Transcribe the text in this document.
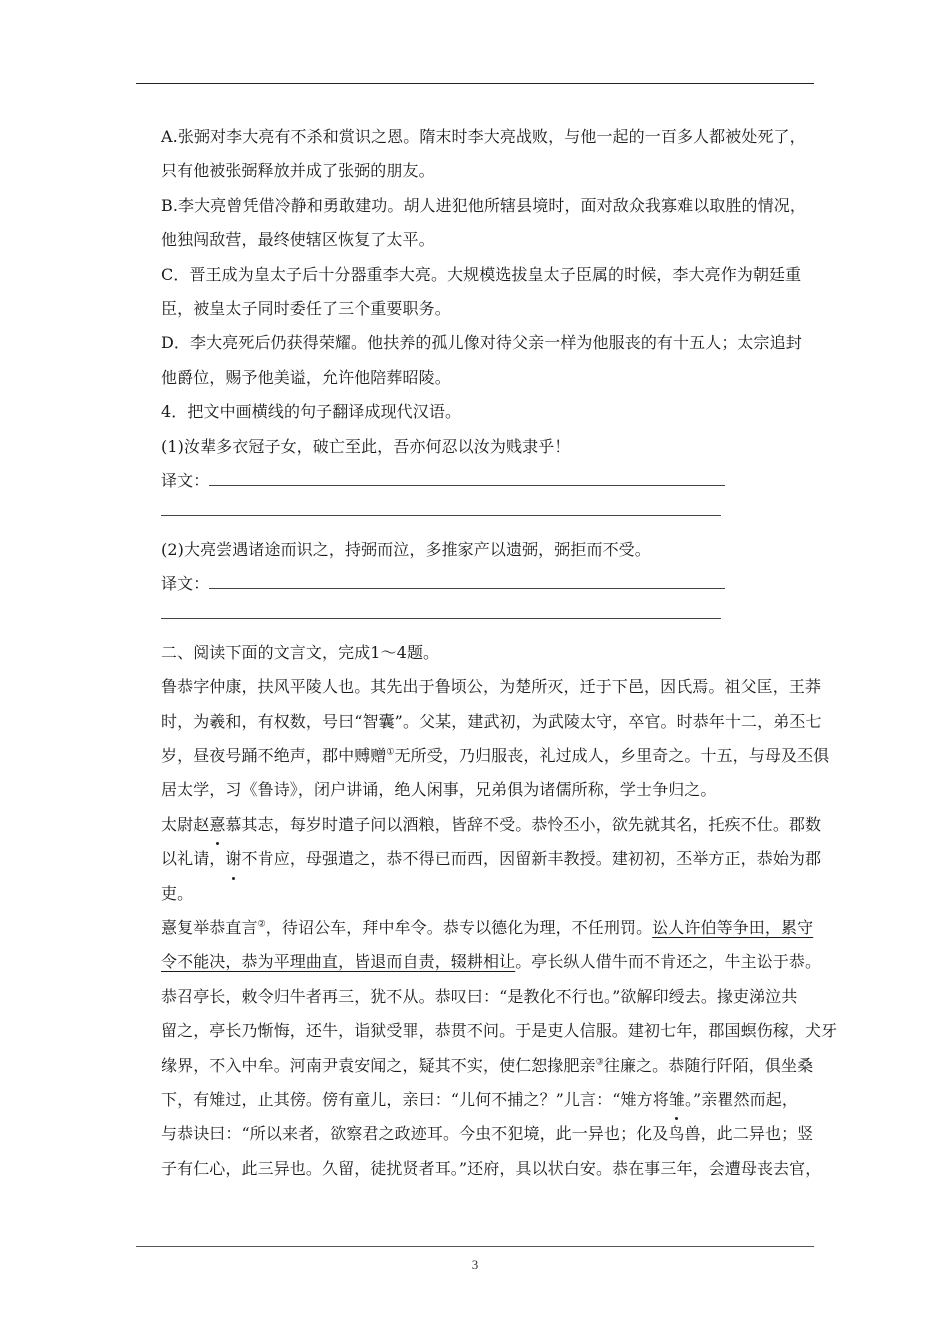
A.张弼对李大亮有不杀和赏识之恩。隋末时李大亮战败，与他一起的一百多人都被处死了，
只有他被张弼释放并成了张弼的朋友。
B.李大亮曾凭借冷静和勇敢建功。胡人进犯他所辖县境时，面对敌众我寡难以取胜的情况，
他独闯敌营，最终使辖区恢复了太平。
C．晋王成为皇太子后十分器重李大亮。大规模选拔皇太子臣属的时候，李大亮作为朝廷重
臣，被皇太子同时委任了三个重要职务。
D．李大亮死后仍获得荣耀。他扶养的孤儿像对待父亲一样为他服丧的有十五人；太宗追封
他爵位，赐予他美谥，允许他陪葬昭陵。
4．把文中画横线的句子翻译成现代汉语。
(1)汝辈多衣冠子女，破亡至此，吾亦何忍以汝为贱隶乎！
译文：
(2)大亮尝遇诸途而识之，持弼而泣，多推家产以遗弼，弼拒而不受。
译文：
二、阅读下面的文言文，完成1～4题。
鲁恭字仲康，扶风平陵人也。其先出于鲁顷公，为楚所灭，迁于下邑，因氏焉。祖父匡，王莽
时，为羲和，有权数，号曰“智囊”。父某，建武初，为武陵太守，卒官。时恭年十二，弟丕七
岁，昼夜号踊不绝声，郡中赙赠①无所受，乃归服丧，礼过成人，乡里奇之。十五，与母及丕俱
居太学，习《鲁诗》，闭户讲诵，绝人闲事，兄弟俱为诸儒所称，学士争归之。
太尉赵憙慕其志，每岁时遣子问以酒粮，皆辞不受。恭怜丕小，欲先就其名，托疾不仕。郡数
以礼请，谢不肯应，母强遣之，恭不得已而西，因留新丰教授。建初初，丕举方正，恭始为郡
吏。
憙复举恭直言②，待诏公车，拜中牟令。恭专以德化为理，不任刑罚。讼人许伯等争田，累守
令不能决，恭为平理曲直，皆退而自责，辍耕相让。亭长纵人借牛而不肯还之，牛主讼于恭。
恭召亭长，敕令归牛者再三，犹不从。恭叹曰：“是教化不行也。”欲解印绶去。掾吏涕泣共
留之，亭长乃惭悔，还牛，诣狱受罪，恭贯不问。于是吏人信服。建初七年，郡国螟伤稼，犬牙
缘界，不入中牟。河南尹袁安闻之，疑其不实，使仁恕掾肥亲③往廉之。恭随行阡陌，俱坐桑
下，有雉过，止其傍。傍有童儿，亲曰：“儿何不捕之？”儿言：“雉方将雏。”亲瞿然而起，
与恭诀曰：“所以来者，欲察君之政迹耳。今虫不犯境，此一异也；化及鸟兽，此二异也；竖
子有仁心，此三异也。久留，徒扰贤者耳。”还府，具以状白安。恭在事三年，会遭母丧去官，
3
